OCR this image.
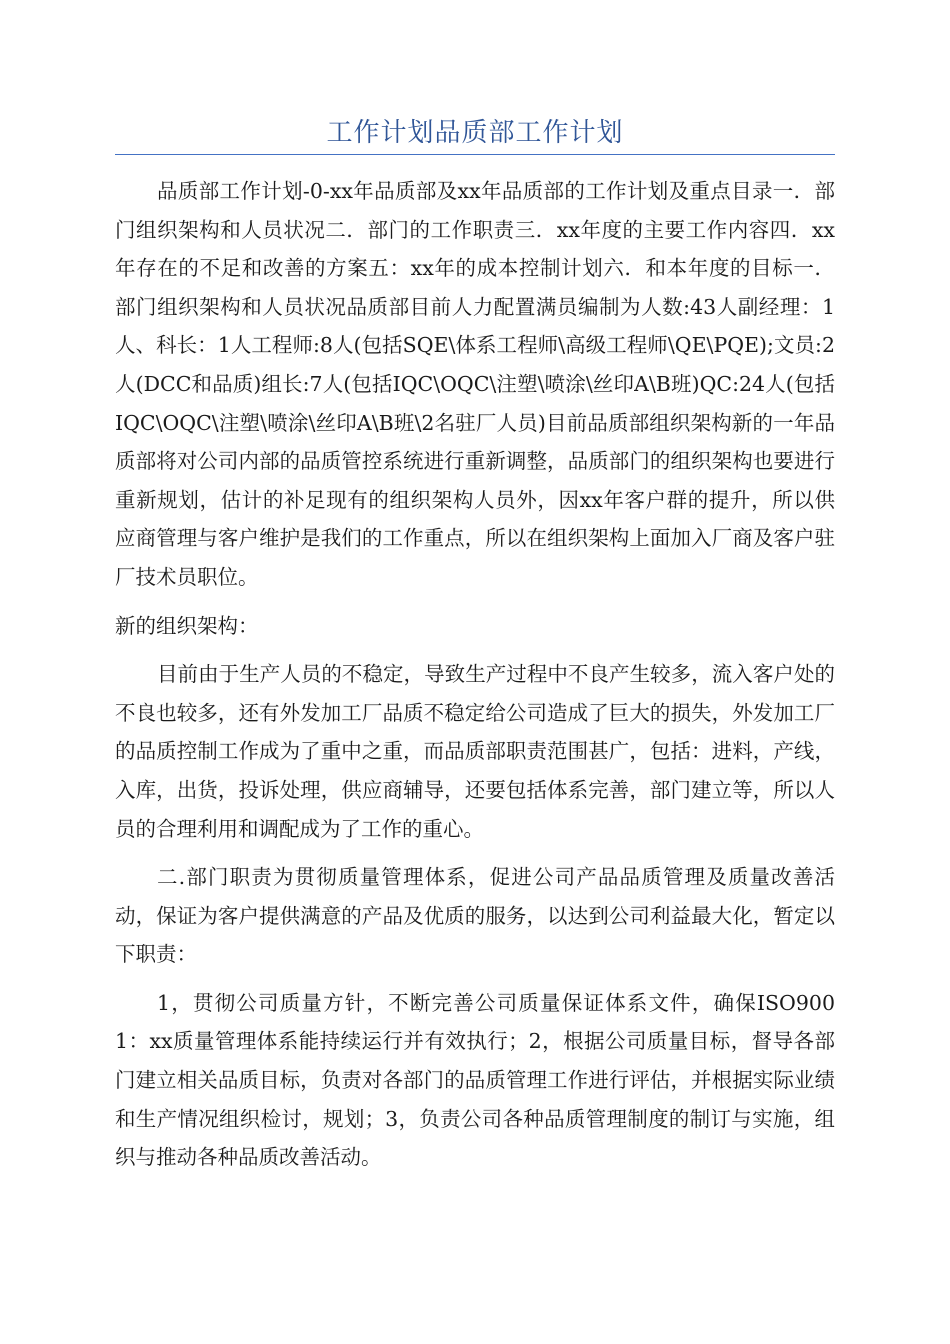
工作计划品质部工作计划

品质部工作计划-0-xx年品质部及xx年品质部的工作计划及重点目录一．部门组织架构和人员状况二．部门的工作职责三．xx年度的主要工作内容四．xx年存在的不足和改善的方案五：xx年的成本控制计划六．和本年度的目标一．部门组织架构和人员状况品质部目前人力配置满员编制为人数:43人副经理：1人、科长：1人工程师:8人(包括SQE\体系工程师\高级工程师\QE\PQE);文员:2人(DCC和品质)组长:7人(包括IQC\OQC\注塑\喷涂\丝印A\B班)QC:24人(包括IQC\OQC\注塑\喷涂\丝印A\B班\2名驻厂人员)目前品质部组织架构新的一年品质部将对公司内部的品质管控系统进行重新调整，品质部门的组织架构也要进行重新规划，估计的补足现有的组织架构人员外，因xx年客户群的提升，所以供应商管理与客户维护是我们的工作重点，所以在组织架构上面加入厂商及客户驻厂技术员职位。

新的组织架构：

目前由于生产人员的不稳定，导致生产过程中不良产生较多，流入客户处的不良也较多，还有外发加工厂品质不稳定给公司造成了巨大的损失，外发加工厂的品质控制工作成为了重中之重，而品质部职责范围甚广，包括：进料，产线，入库，出货，投诉处理，供应商辅导，还要包括体系完善，部门建立等，所以人员的合理利用和调配成为了工作的重心。

二.部门职责为贯彻质量管理体系，促进公司产品品质管理及质量改善活动，保证为客户提供满意的产品及优质的服务，以达到公司利益最大化，暂定以下职责：

1，贯彻公司质量方针，不断完善公司质量保证体系文件，确保ISO9001：xx质量管理体系能持续运行并有效执行；2，根据公司质量目标，督导各部门建立相关品质目标，负责对各部门的品质管理工作进行评估，并根据实际业绩和生产情况组织检讨，规划；3，负责公司各种品质管理制度的制订与实施，组织与推动各种品质改善活动。
